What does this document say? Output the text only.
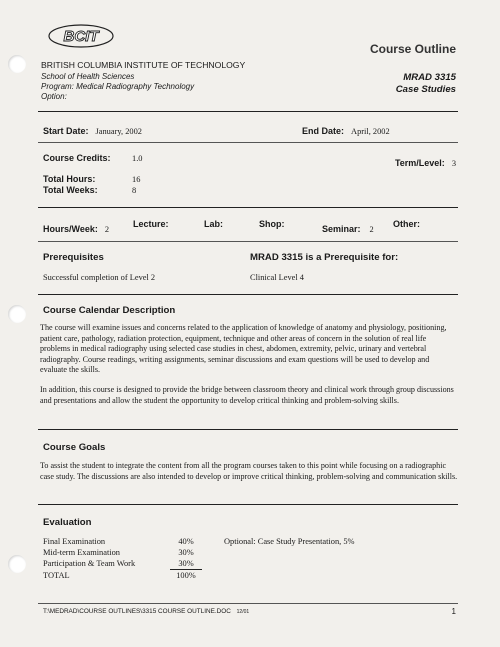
BCIT
Course Outline
BRITISH COLUMBIA INSTITUTE OF TECHNOLOGY
School of Health Sciences
Program: Medical Radiography Technology
Option:
MRAD 3315
Case Studies
Start Date: January, 2002	End Date: April, 2002
Course Credits:	1.0	Term/Level: 3
Total Hours:	16
Total Weeks:	8
Hours/Week: 2
Lecture:	Lab:	Shop:	Seminar: 2
Other:
Prerequisites	MRAD 3315 is a Prerequisite for:
Successful completion of Level 2	Clinical Level 4
Course Calendar Description
The course will examine issues and concerns related to the application of knowledge of anatomy and physiology, positioning, patient care, pathology, radiation protection, equipment, technique and other areas of concern in the solution of real life problems in medical radiography using selected case studies in chest, abdomen, extremity, pelvic, urinary and vertebral radiography. Course readings, writing assignments, seminar discussions and exam questions will be used to develop and evaluate the skills.
In addition, this course is designed to provide the bridge between classroom theory and clinical work through group discussions and presentations and allow the student the opportunity to develop critical thinking and problem-solving skills.
Course Goals
To assist the student to integrate the content from all the program courses taken to this point while focusing on a radiographic case study. The discussions are also intended to develop or improve critical thinking, problem-solving and communication skills.
Evaluation
Final Examination	40%
Mid-term Examination	30%
Participation & Team Work	30%
TOTAL	100%
Optional: Case Study Presentation, 5%
T:\MEDRAD\COURSE OUTLINES\3315 COURSE OUTLINE.DOC 12/01	1
